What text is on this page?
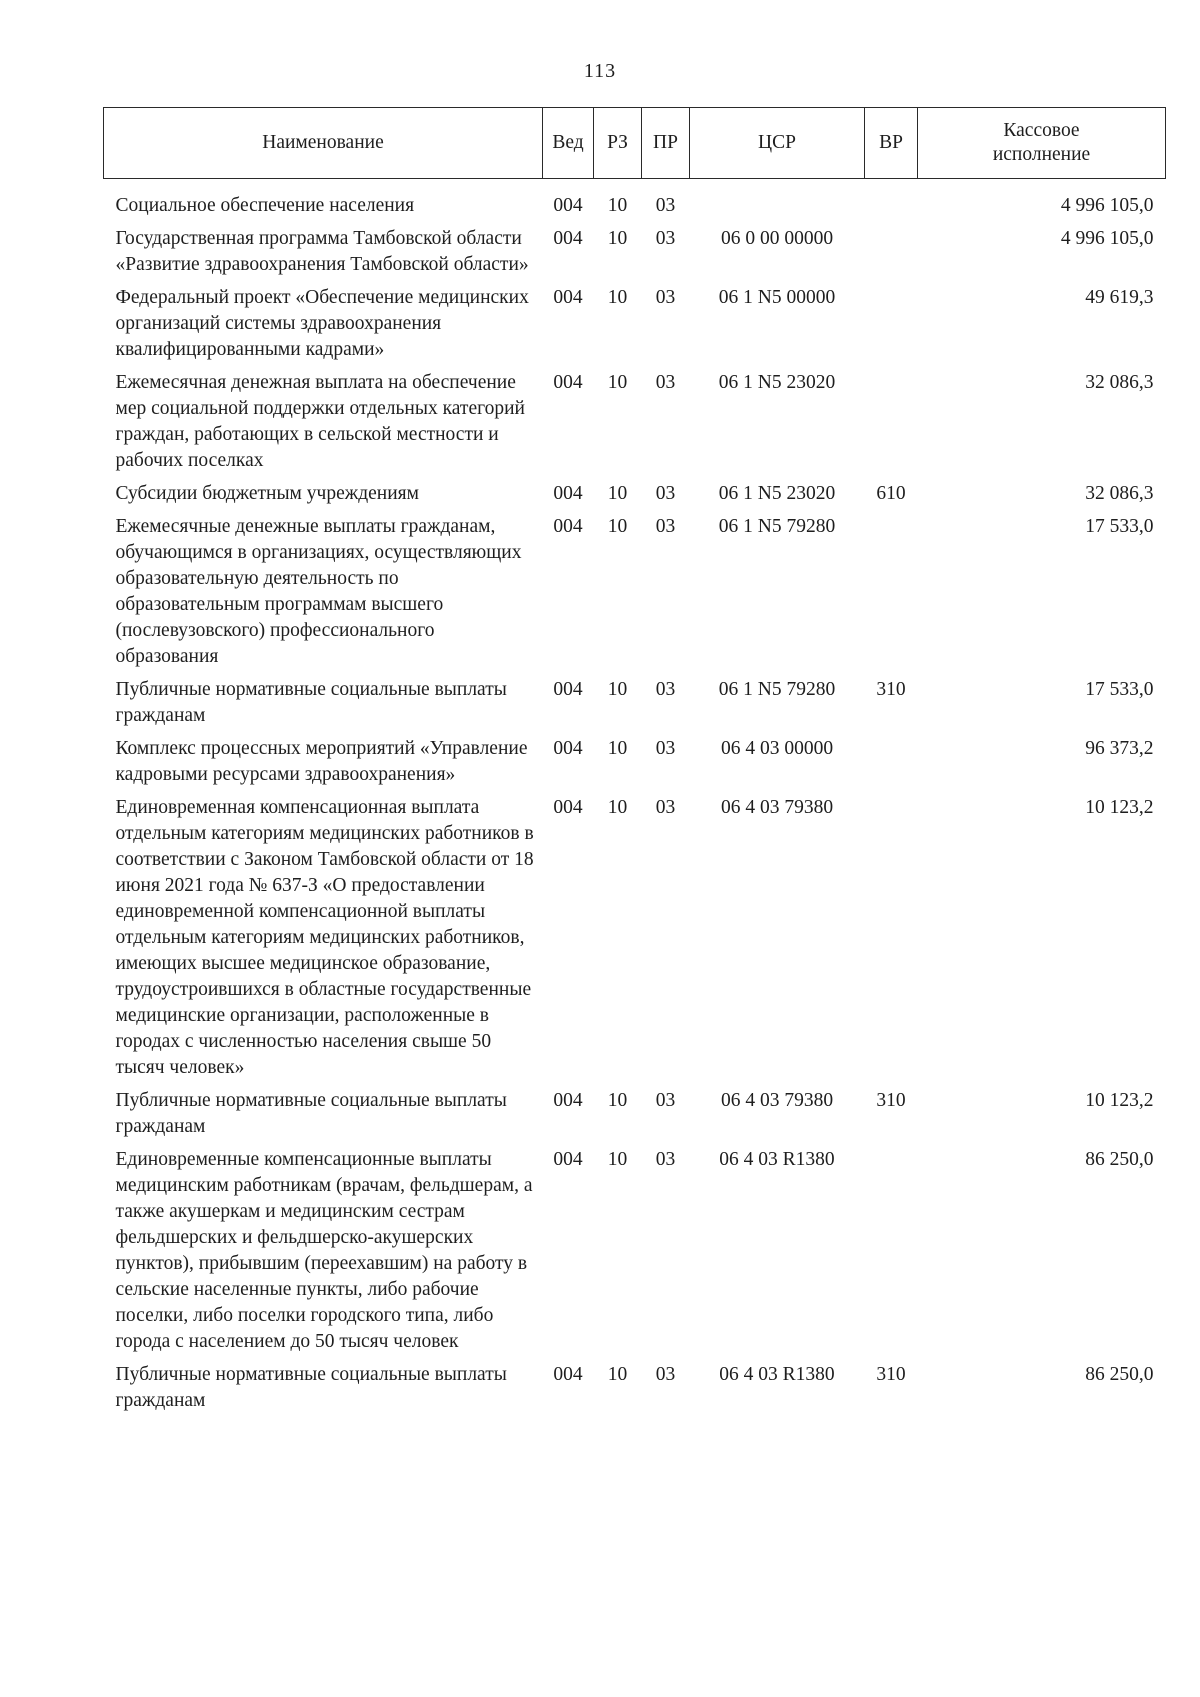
113
Наименование	Вед	РЗ	ПР	ЦСР	ВР	Кассовое исполнение
Социальное обеспечение населения	004	10	03			4 996 105,0
Государственная программа Тамбовской области «Развитие здравоохранения Тамбовской области»	004	10	03	06 0 00 00000		4 996 105,0
Федеральный проект «Обеспечение медицинских организаций системы здравоохранения квалифицированными кадрами»	004	10	03	06 1 N5 00000		49 619,3
Ежемесячная денежная выплата на обеспечение мер социальной поддержки отдельных категорий граждан, работающих в сельской местности и рабочих поселках	004	10	03	06 1 N5 23020		32 086,3
Субсидии бюджетным учреждениям	004	10	03	06 1 N5 23020	610	32 086,3
Ежемесячные денежные выплаты гражданам, обучающимся в организациях, осуществляющих образовательную деятельность по образовательным программам высшего (послевузовского) профессионального образования	004	10	03	06 1 N5 79280		17 533,0
Публичные нормативные социальные выплаты гражданам	004	10	03	06 1 N5 79280	310	17 533,0
Комплекс процессных мероприятий «Управление кадровыми ресурсами здравоохранения»	004	10	03	06 4 03 00000		96 373,2
Единовременная компенсационная выплата отдельным категориям медицинских работников в соответствии с Законом Тамбовской области от 18 июня 2021 года № 637-З «О предоставлении единовременной компенсационной выплаты отдельным категориям медицинских работников, имеющих высшее медицинское образование, трудоустроившихся в областные государственные медицинские организации, расположенные в городах с численностью населения свыше 50 тысяч человек»	004	10	03	06 4 03 79380		10 123,2
Публичные нормативные социальные выплаты гражданам	004	10	03	06 4 03 79380	310	10 123,2
Единовременные компенсационные выплаты медицинским работникам (врачам, фельдшерам, а также акушеркам и медицинским сестрам фельдшерских и фельдшерско-акушерских пунктов), прибывшим (переехавшим) на работу в сельские населенные пункты, либо рабочие поселки, либо поселки городского типа, либо города с населением до 50 тысяч человек	004	10	03	06 4 03 R1380		86 250,0
Публичные нормативные социальные выплаты гражданам	004	10	03	06 4 03 R1380	310	86 250,0
